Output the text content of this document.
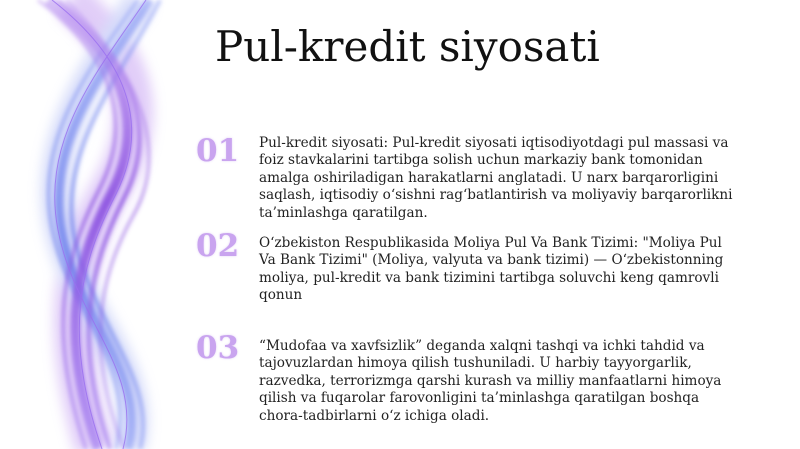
Pul-kredit siyosati
01	Pul-kredit siyosati: Pul-kredit siyosati iqtisodiyotdagi pul massasi va foiz stavkalarini tartibga solish uchun markaziy bank tomonidan amalga oshiriladigan harakatlarni anglatadi. U narx barqarorligini saqlash, iqtisodiy o‘sishni rag‘batlantirish va moliyaviy barqarorlikni ta’minlashga qaratilgan.

02	O‘zbekiston Respublikasida Moliya Pul Va Bank Tizimi: "Moliya Pul Va Bank Tizimi" (Moliya, valyuta va bank tizimi) — O‘zbekistonning moliya, pul-kredit va bank tizimini tartibga soluvchi keng qamrovli qonun

03	“Mudofaa va xavfsizlik” deganda xalqni tashqi va ichki tahdid va tajovuzlardan himoya qilish tushuniladi. U harbiy tayyorgarlik, razvedka, terrorizmga qarshi kurash va milliy manfaatlarni himoya qilish va fuqarolar farovonligini ta’minlashga qaratilgan boshqa chora-tadbirlarni o‘z ichiga oladi.
